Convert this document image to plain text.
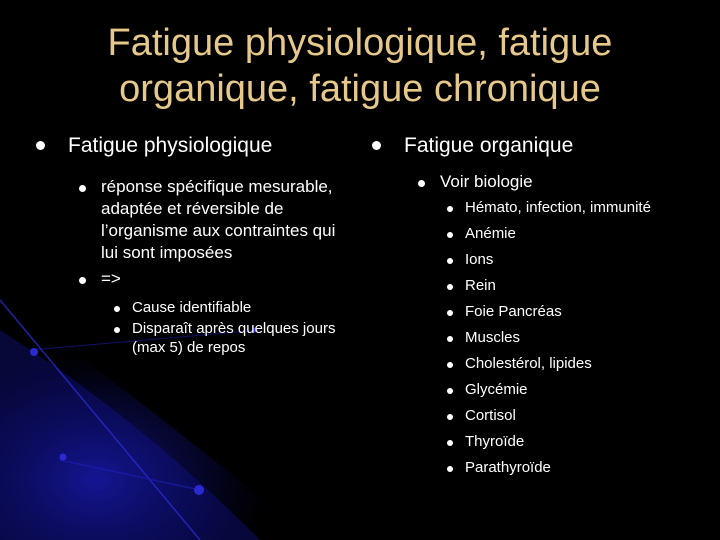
Fatigue physiologique, fatigue
organique, fatigue chronique
Fatigue physiologique
réponse spécifique mesurable, adaptée et réversible de l’organisme aux contraintes qui lui sont imposées
=>
Cause identifiable
Disparaît après quelques jours (max 5) de repos
Fatigue organique
Voir biologie
Hémato, infection, immunité
Anémie
Ions
Rein
Foie Pancréas
Muscles
Cholestérol, lipides
Glycémie
Cortisol
Thyroïde
Parathyroïde
